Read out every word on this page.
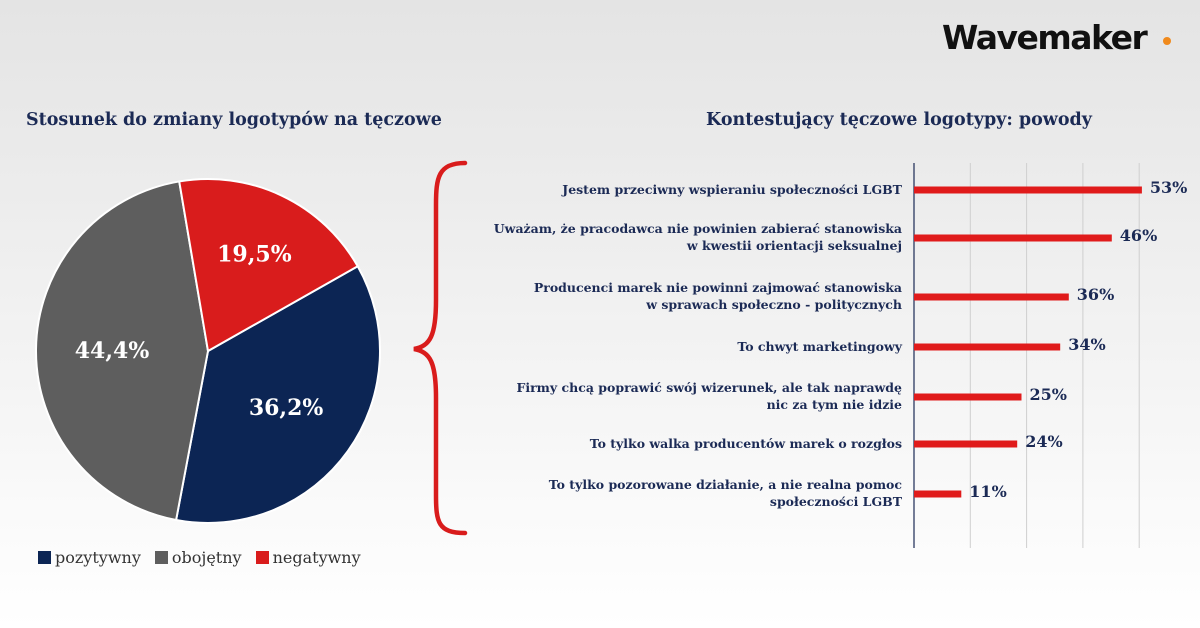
Wavemaker
Stosunek do zmiany logotypów na tęczowe	Kontestujący tęczowe logotypy: powody
36,2%
44,4%
19,5%
pozytywny obojętny negatywny
53%
Jestem przeciwny wspieraniu społeczności LGBT
46%
Uważam, że pracodawca nie powinien zabierać stanowiska
w kwestii orientacji seksualnej
36%
Producenci marek nie powinni zajmować stanowiska
w sprawach społeczno - politycznych
34%
To chwyt marketingowy
25%
Firmy chcą poprawić swój wizerunek, ale tak naprawdę
nic za tym nie idzie
24%
To tylko walka producentów marek o rozgłos
11%
To tylko pozorowane działanie, a nie realna pomoc
społeczności LGBT
